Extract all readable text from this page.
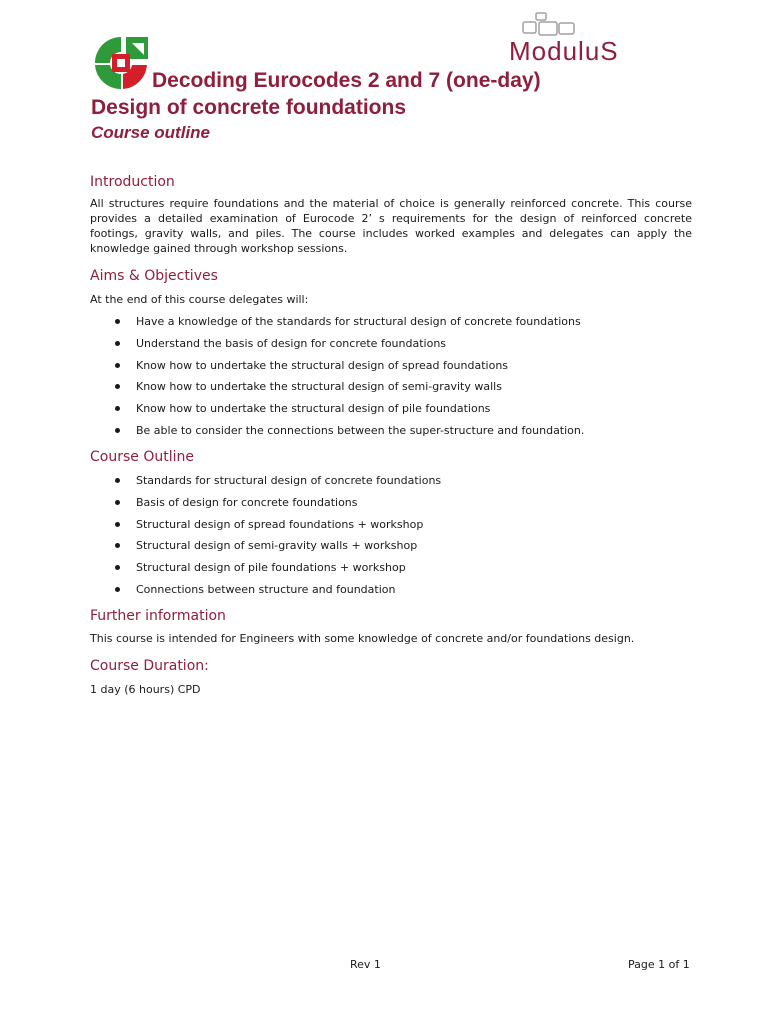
ModuluS
Decoding Eurocodes 2 and 7 (one-day)
Design of concrete foundations
Course outline
Introduction
All structures require foundations and the material of choice is generally reinforced concrete. This course provides a detailed examination of Eurocode 2’ s requirements for the design of reinforced concrete footings, gravity walls, and piles. The course includes worked examples and delegates can apply the knowledge gained through workshop sessions.
Aims & Objectives
At the end of this course delegates will:
Have a knowledge of the standards for structural design of concrete foundations
Understand the basis of design for concrete foundations
Know how to undertake the structural design of spread foundations
Know how to undertake the structural design of semi-gravity walls
Know how to undertake the structural design of pile foundations
Be able to consider the connections between the super-structure and foundation.
Course Outline
Standards for structural design of concrete foundations
Basis of design for concrete foundations
Structural design of spread foundations + workshop
Structural design of semi-gravity walls + workshop
Structural design of pile foundations + workshop
Connections between structure and foundation
Further information
This course is intended for Engineers with some knowledge of concrete and/or foundations design.
Course Duration:
1 day (6 hours) CPD
Rev 1	Page 1 of 1
